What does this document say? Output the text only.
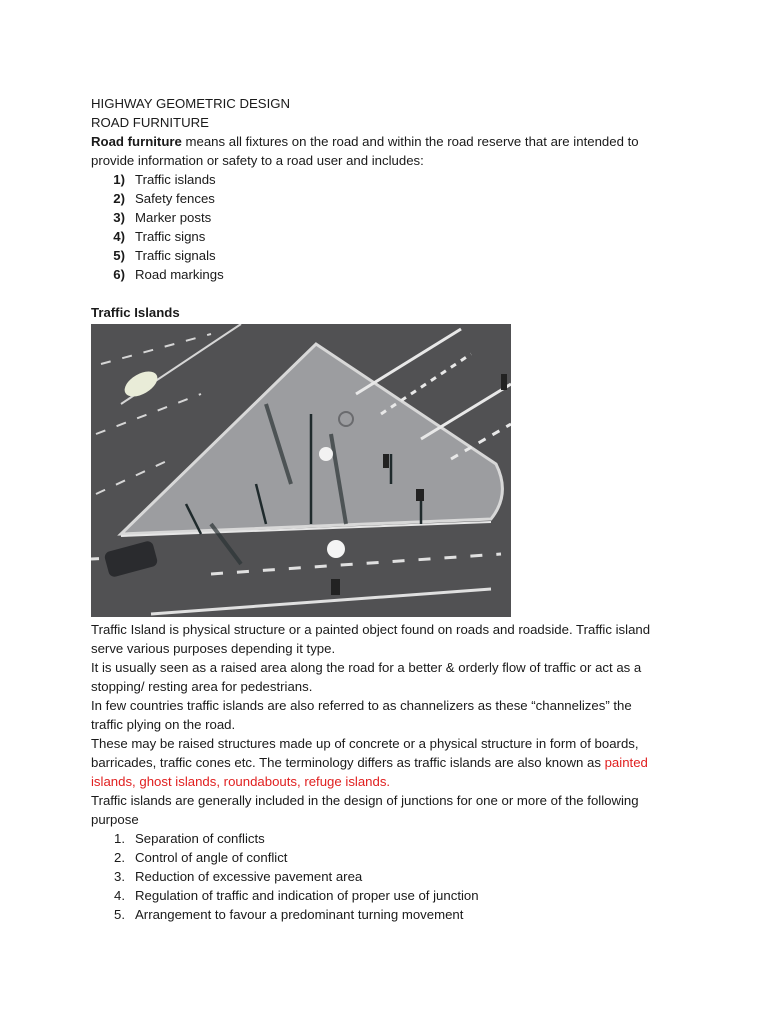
HIGHWAY GEOMETRIC DESIGN
ROAD FURNITURE
Road furniture means all fixtures on the road and within the road reserve that are intended to
provide information or safety to a road user and includes:
1) Traffic islands
2) Safety fences
3) Marker posts
4) Traffic signs
5) Traffic signals
6) Road markings
Traffic Islands
Traffic Island is physical structure or a painted object found on roads and roadside. Traffic island
serve various purposes depending it type.
It is usually seen as a raised area along the road for a better & orderly flow of traffic or act as a
stopping/ resting area for pedestrians.
In few countries traffic islands are also referred to as channelizers as these “channelizes” the
traffic plying on the road.
These may be raised structures made up of concrete or a physical structure in form of boards,
barricades, traffic cones etc. The terminology differs as traffic islands are also known as painted
islands, ghost islands, roundabouts, refuge islands.
Traffic islands are generally included in the design of junctions for one or more of the following
purpose
1. Separation of conflicts
2. Control of angle of conflict
3. Reduction of excessive pavement area
4. Regulation of traffic and indication of proper use of junction
5. Arrangement to favour a predominant turning movement
